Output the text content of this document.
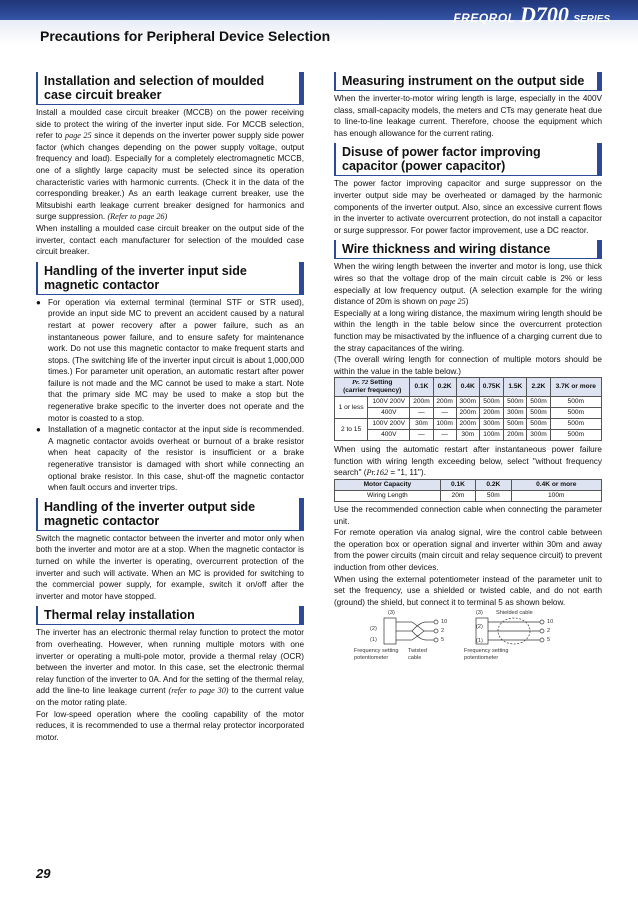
FREQROL D700 SERIES
Precautions for Peripheral Device Selection
Installation and selection of moulded case circuit breaker

Install a moulded case circuit breaker (MCCB) on the power receiving side to protect the wiring of the inverter input side. For MCCB selection, refer to page 25 since it depends on the inverter power supply side power factor (which changes depending on the power supply voltage, output frequency and load). Especially for a completely electromagnetic MCCB, one of a slightly large capacity must be selected since its operation characteristic varies with harmonic currents. (Check it in the data of the corresponding breaker.) As an earth leakage current breaker, use the Mitsubishi earth leakage current breaker designed for harmonics and surge suppression. (Refer to page 26)

When installing a moulded case circuit breaker on the output side of the inverter, contact each manufacturer for selection of the moulded case circuit breaker.

Handling of the inverter input side magnetic contactor
● For operation via external terminal (terminal STF or STR used), provide an input side MC to prevent an accident caused by a natural restart at power recovery after a power failure, such as an instantaneous power failure, and to ensure safety for maintenance work. Do not use this magnetic contactor to make frequent starts and stops. (The switching life of the inverter input circuit is about 1,000,000 times.) For parameter unit operation, an automatic restart after power failure is not made and the MC cannot be used to make a start. Note that the primary side MC may be used to make a stop but the regenerative brake specific to the inverter does not operate and the motor is coasted to a stop.

● Installation of a magnetic contactor at the input side is recommended. A magnetic contactor avoids overheat or burnout of a brake resistor when heat capacity of the resistor is insufficient or a brake regenerative transistor is damaged with short while connecting an optional brake resistor. In this case, shut-off the magnetic contactor when fault occurs and inverter trips.

Handling of the inverter output side magnetic contactor

Switch the magnetic contactor between the inverter and motor only when both the inverter and motor are at a stop. When the magnetic contactor is turned on while the inverter is operating, overcurrent protection of the inverter and such will activate. When an MC is provided for switching to the commercial power supply, for example, switch it on/off after the inverter and motor have stopped.

Thermal relay installation

The inverter has an electronic thermal relay function to protect the motor from overheating. However, when running multiple motors with one inverter or operating a multi-pole motor, provide a thermal relay (OCR) between the inverter and motor. In this case, set the electronic thermal relay function of the inverter to 0A. And for the setting of the thermal relay, add the line-to line leakage current (refer to page 30) to the current value on the motor rating plate.

For low-speed operation where the cooling capability of the motor reduces, it is recommended to use a thermal relay protector incorporated motor.

Measuring instrument on the output side

When the inverter-to-motor wiring length is large, especially in the 400V class, small-capacity models, the meters and CTs may generate heat due to line-to-line leakage current. Therefore, choose the equipment which has enough allowance for the current rating.

Disuse of power factor improving capacitor (power capacitor)

The power factor improving capacitor and surge suppressor on the inverter output side may be overheated or damaged by the harmonic components of the inverter output. Also, since an excessive current flows in the inverter to activate overcurrent protection, do not install a capacitor or surge suppressor. For power factor improvement, use a DC reactor.

Wire thickness and wiring distance

When the wiring length between the inverter and motor is long, use thick wires so that the voltage drop of the main circuit cable is 2% or less especially at low frequency output. (A selection example for the wiring distance of 20m is shown on page 25)

Especially at a long wiring distance, the maximum wiring length should be within the length in the table below since the overcurrent protection function may be misactivated by the influence of a charging current due to the stray capacitances of the wiring.

(The overall wiring length for connection of multiple motors should be within the value in the table below.)

Pr. 72 Setting
(carrier frequency)		0.1K	0.2K	0.4K	0.75K	1.5K	2.2K	3.7K or more
1 or less	100V 200V	200m	200m	300m	500m	500m	500m	500m
	400V	—	—	200m	200m	300m	500m	500m
2 to 15	100V 200V	30m	100m	200m	300m	500m	500m	500m
	400V	—	—	30m	100m	200m	300m	500m

When using the automatic restart after instantaneous power failure function with wiring length exceeding below, select "without frequency search" (Pr.162 = "1, 11").

Motor Capacity	0.1K	0.2K	0.4K or more
Wiring Length	20m	50m	100m

Use the recommended connection cable when connecting the parameter unit.

For remote operation via analog signal, wire the control cable between the operation box or operation signal and inverter within 30m and away from the power circuits (main circuit and relay sequence circuit) to prevent induction from other devices.

When using the external potentiometer instead of the parameter unit to set the frequency, use a shielded or twisted cable, and do not earth (ground) the shield, but connect it to terminal 5 as shown below.

(3)
(2)
(1)
10
2
5
Frequency setting potentiometer
Twisted cable
(3)
(2)
(1)
Shielded cable
10
2
5
Frequency setting potentiometer
29
